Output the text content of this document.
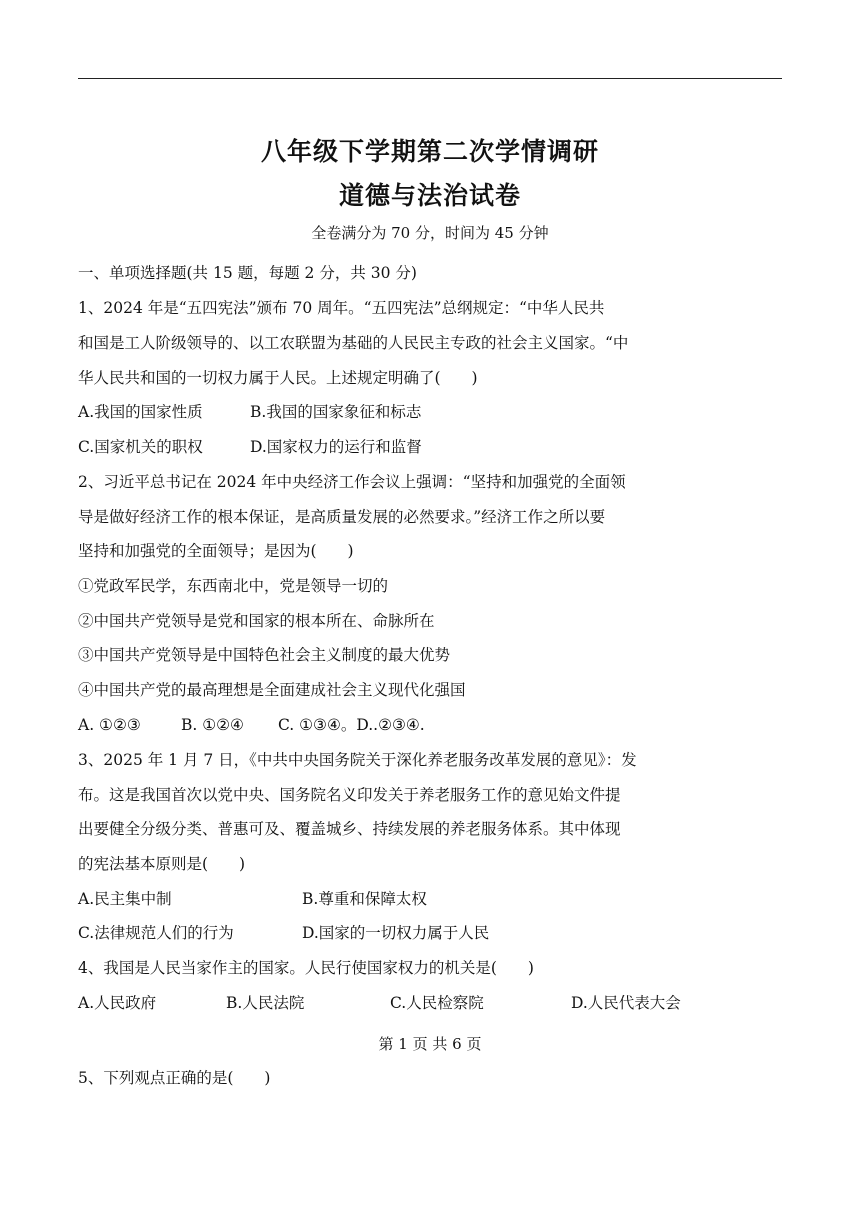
八年级下学期第二次学情调研
道德与法治试卷
全卷满分为 70 分，时间为 45 分钟
一、单项选择题(共 15 题，每题 2 分，共 30 分)
1、2024 年是“五四宪法”颁布 70 周年。“五四宪法”总纲规定：“中华人民共
和国是工人阶级领导的、以工农联盟为基础的人民民主专政的社会主义国家。“中
华人民共和国的一切权力属于人民。上述规定明确了(　　)
A.我国的国家性质	B.我国的国家象征和标志
C.国家机关的职权	D.国家权力的运行和监督
2、习近平总书记在 2024 年中央经济工作会议上强调：“坚持和加强党的全面领
导是做好经济工作的根本保证，是高质量发展的必然要求。”经济工作之所以要
坚持和加强党的全面领导；是因为(　　)
①党政军民学，东西南北中，党是领导一切的
②中国共产党领导是党和国家的根本所在、命脉所在
③中国共产党领导是中国特色社会主义制度的最大优势
④中国共产党的最高理想是全面建成社会主义现代化强国
A. ①②③	B. ①②④ C. ①③④。D..②③④.
3、2025 年 1 月 7 日，《中共中央国务院关于深化养老服务改革发展的意见》：发
布。这是我国首次以党中央、国务院名义印发关于养老服务工作的意见始文件提
出要健全分级分类、普惠可及、覆盖城乡、持续发展的养老服务体系。其中体现
的宪法基本原则是(　　)
A.民主集中制	B.尊重和保障太权
C.法律规范人们的行为	D.国家的一切权力属于人民
4、我国是人民当家作主的国家。人民行使国家权力的机关是(　　)
A.人民政府	B.人民法院	C.人民检察院	D.人民代表大会
第 1 页 共 6 页
5、下列观点正确的是(　　)
